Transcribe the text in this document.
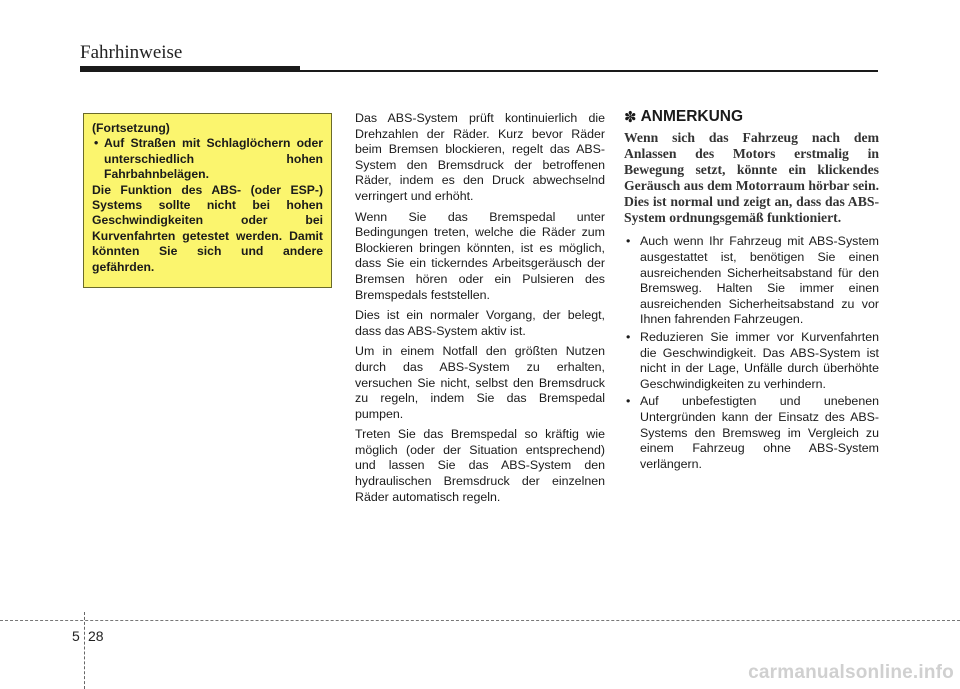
Fahrhinweise

(Fortsetzung)

• Auf Straßen mit Schlaglöchern oder unterschiedlich hohen Fahrbahnbelägen.

Die Funktion des ABS- (oder ESP-) Systems sollte nicht bei hohen Geschwindigkeiten oder bei Kurvenfahrten getestet werden. Damit könnten Sie sich und andere gefährden.

Das ABS-System prüft kontinuierlich die Drehzahlen der Räder. Kurz bevor Räder beim Bremsen blockieren, regelt das ABS-System den Bremsdruck der betroffenen Räder, indem es den Druck abwechselnd verringert und erhöht.

Wenn Sie das Bremspedal unter Bedingungen treten, welche die Räder zum Blockieren bringen könnten, ist es möglich, dass Sie ein tickerndes Arbeitsgeräusch der Bremsen hören oder ein Pulsieren des Bremspedals feststellen.

Dies ist ein normaler Vorgang, der belegt, dass das ABS-System aktiv ist.

Um in einem Notfall den größten Nutzen durch das ABS-System zu erhalten, versuchen Sie nicht, selbst den Bremsdruck zu regeln, indem Sie das Bremspedal pumpen.

Treten Sie das Bremspedal so kräftig wie möglich (oder der Situation entsprechend) und lassen Sie das ABS-System den hydraulischen Bremsdruck der einzelnen Räder automatisch regeln.

✽ ANMERKUNG

Wenn sich das Fahrzeug nach dem Anlassen des Motors erstmalig in Bewegung setzt, könnte ein klickendes Geräusch aus dem Motorraum hörbar sein. Dies ist normal und zeigt an, dass das ABS-System ordnungsgemäß funktioniert.

• Auch wenn Ihr Fahrzeug mit ABS-System ausgestattet ist, benötigen Sie einen ausreichenden Sicherheitsabstand für den Bremsweg. Halten Sie immer einen ausreichenden Sicherheitsabstand zu vor Ihnen fahrenden Fahrzeugen.
• Reduzieren Sie immer vor Kurvenfahrten die Geschwindigkeit. Das ABS-System ist nicht in der Lage, Unfälle durch überhöhte Geschwindigkeiten zu verhindern.
• Auf unbefestigten und unebenen Untergründen kann der Einsatz des ABS-Systems den Bremsweg im Vergleich zu einem Fahrzeug ohne ABS-System verlängern.
5 28
carmanualsonline.info
